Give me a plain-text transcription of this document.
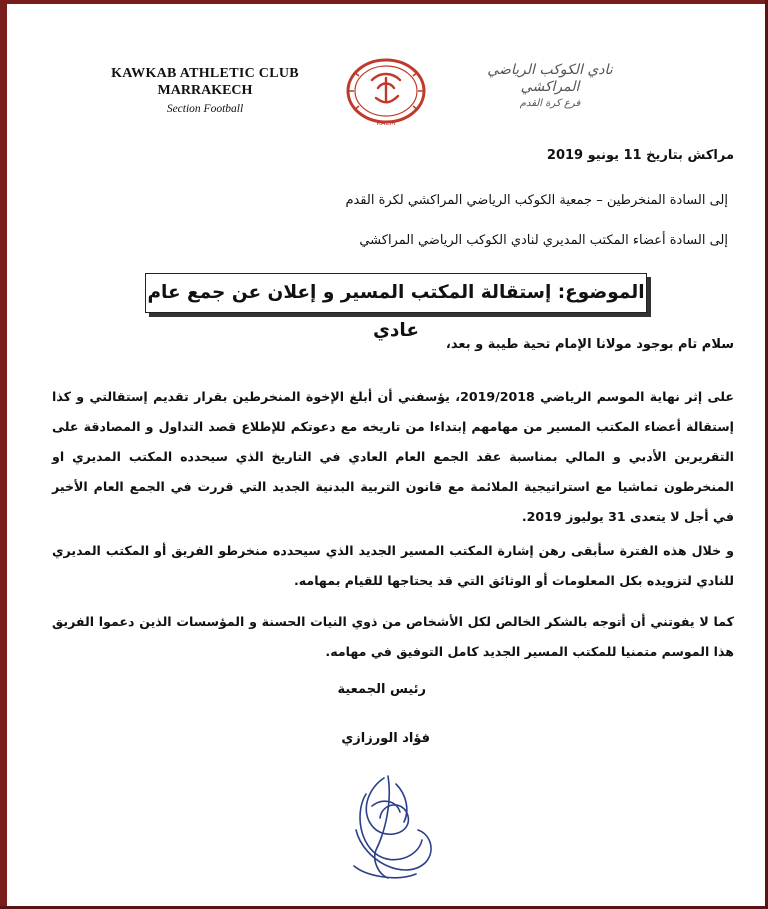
KAWKAB ATHLETIC CLUB
MARRAKECH
Section Football
KACM
نادي الكوكب الرياضي
المراكشي
فرع كرة القدم
مراكش بتاريخ 11 يونيو 2019
إلى السادة المنخرطين – جمعية الكوكب الرياضي المراكشي لكرة القدم
إلى السادة أعضاء المكتب المديري لنادي الكوكب الرياضي المراكشي
الموضوع: إستقالة المكتب المسير و إعلان عن جمع عام عادي
سلام تام بوجود مولانا الإمام تحية طيبة و بعد،
على إثر نهاية الموسم الرياضي 2019/2018، يؤسفني أن أبلغ الإخوة المنخرطين بقرار تقديم إستقالتي و كذا إستقالة أعضاء المكتب المسير من مهامهم إبتداءا من تاريخه مع دعوتكم للإطلاع قصد التداول و المصادقة على التقريرين الأدبي و المالي بمناسبة عقد الجمع العام العادي في التاريخ الذي سيحدده المكتب المديري او المنخرطون تماشيا مع استراتيجية الملائمة مع قانون التربية البدنية الجديد التي قررت في الجمع العام الأخير في أجل لا يتعدى 31 يوليوز 2019.
و خلال هذه الفترة سأبقى رهن إشارة المكتب المسير الجديد الذي سيحدده منخرطو الفريق أو المكتب المديري للنادي لتزويده بكل المعلومات أو الوثائق التي قد يحتاجها للقيام بمهامه.
كما لا يفوتني أن أتوجه بالشكر الخالص لكل الأشخاص من ذوي النيات الحسنة و المؤسسات الذين دعموا الفريق هذا الموسم متمنيا للمكتب المسير الجديد كامل التوفيق في مهامه.
رئيس الجمعية
فؤاد الورزازي
